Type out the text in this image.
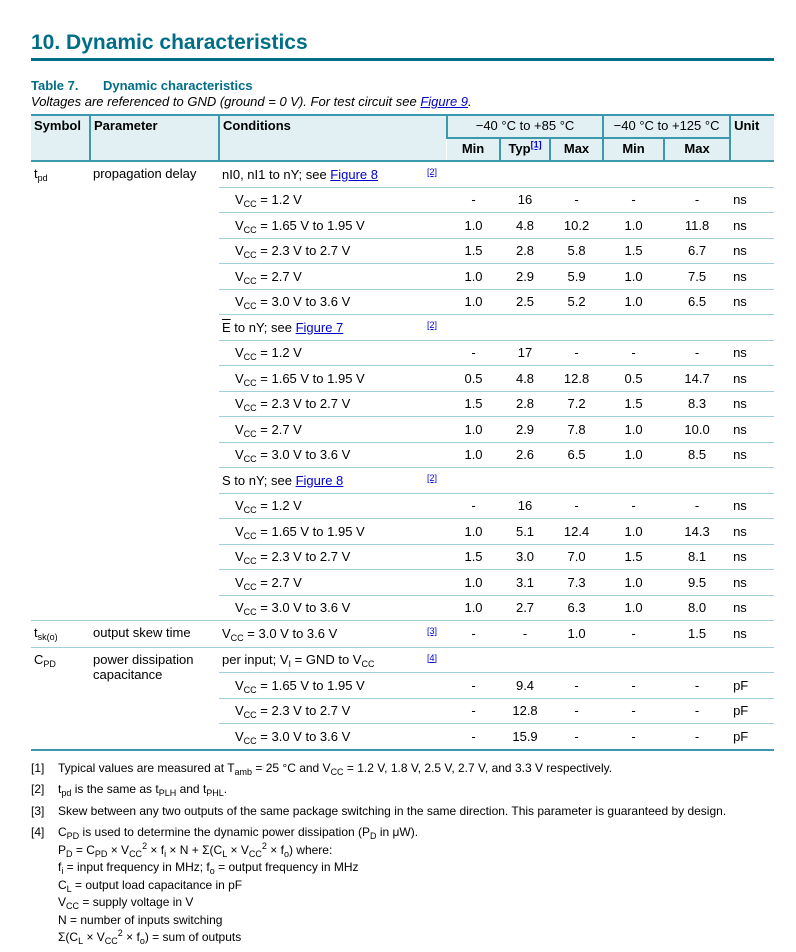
10. Dynamic characteristics
Table 7. Dynamic characteristics
Voltages are referenced to GND (ground = 0 V). For test circuit see Figure 9.
Symbol	Parameter	Conditions		−40 °C to +85 °C			−40 °C to +125 °C		Unit
				Min	Typ[1]	Max	Min	Max	
$t_{pd}$	propagation delay	nI0, nI1 to nY; see Figure 8	[2]						
		$V_{CC} = 1.2$ V		-	16	-	-	-	ns
		$V_{CC} = 1.65$ V to 1.95 V		1.0	4.8	10.2	1.0	11.8	ns
		$V_{CC} = 2.3$ V to 2.7 V		1.5	2.8	5.8	1.5	6.7	ns
		$V_{CC} = 2.7$ V		1.0	2.9	5.9	1.0	7.5	ns
		$V_{CC} = 3.0$ V to 3.6 V		1.0	2.5	5.2	1.0	6.5	ns
		$\overline{E}$ to nY; see Figure 7	[2]						
		$V_{CC} = 1.2$ V		-	17	-	-	-	ns
		$V_{CC} = 1.65$ V to 1.95 V		0.5	4.8	12.8	0.5	14.7	ns
		$V_{CC} = 2.3$ V to 2.7 V		1.5	2.8	7.2	1.5	8.3	ns
		$V_{CC} = 2.7$ V		1.0	2.9	7.8	1.0	10.0	ns
		$V_{CC} = 3.0$ V to 3.6 V		1.0	2.6	6.5	1.0	8.5	ns
		S to nY; see Figure 8	[2]						
		$V_{CC} = 1.2$ V		-	16	-	-	-	ns
		$V_{CC} = 1.65$ V to 1.95 V		1.0	5.1	12.4	1.0	14.3	ns
		$V_{CC} = 2.3$ V to 2.7 V		1.5	3.0	7.0	1.5	8.1	ns
		$V_{CC} = 2.7$ V		1.0	3.1	7.3	1.0	9.5	ns
		$V_{CC} = 3.0$ V to 3.6 V		1.0	2.7	6.3	1.0	8.0	ns
$t_{sk(o)}$	output skew time	$V_{CC} = 3.0$ V to 3.6 V	[3]	-	-	1.0	-	1.5	ns
$C_{PD}$	power dissipation capacitance	per input; $V_I$ = GND to $V_{CC}$	[4]						
		$V_{CC} = 1.65$ V to 1.95 V		-	9.4	-	-	-	pF
		$V_{CC} = 2.3$ V to 2.7 V		-	12.8	-	-	-	pF
		$V_{CC} = 3.0$ V to 3.6 V		-	15.9	-	-	-	pF
[1]	Typical values are measured at $T_{amb} = 25$ °C and $V_{CC} = 1.2$ V, 1.8 V, 2.5 V, 2.7 V, and 3.3 V respectively.
[2]	$t_{pd}$ is the same as $t_{PLH}$ and $t_{PHL}$.
[3]	Skew between any two outputs of the same package switching in the same direction. This parameter is guaranteed by design.
[4]	$C_{PD}$ is used to determine the dynamic power dissipation ($P_D$ in μW).
$P_D = C_{PD} \times V_{CC}^2 \times f_i \times N + \Sigma(C_L \times V_{CC}^2 \times f_o)$ where:
$f_i$ = input frequency in MHz; $f_o$ = output frequency in MHz
$C_L$ = output load capacitance in pF
$V_{CC}$ = supply voltage in V
N = number of inputs switching
$\Sigma(C_L \times V_{CC}^2 \times f_o)$ = sum of outputs
